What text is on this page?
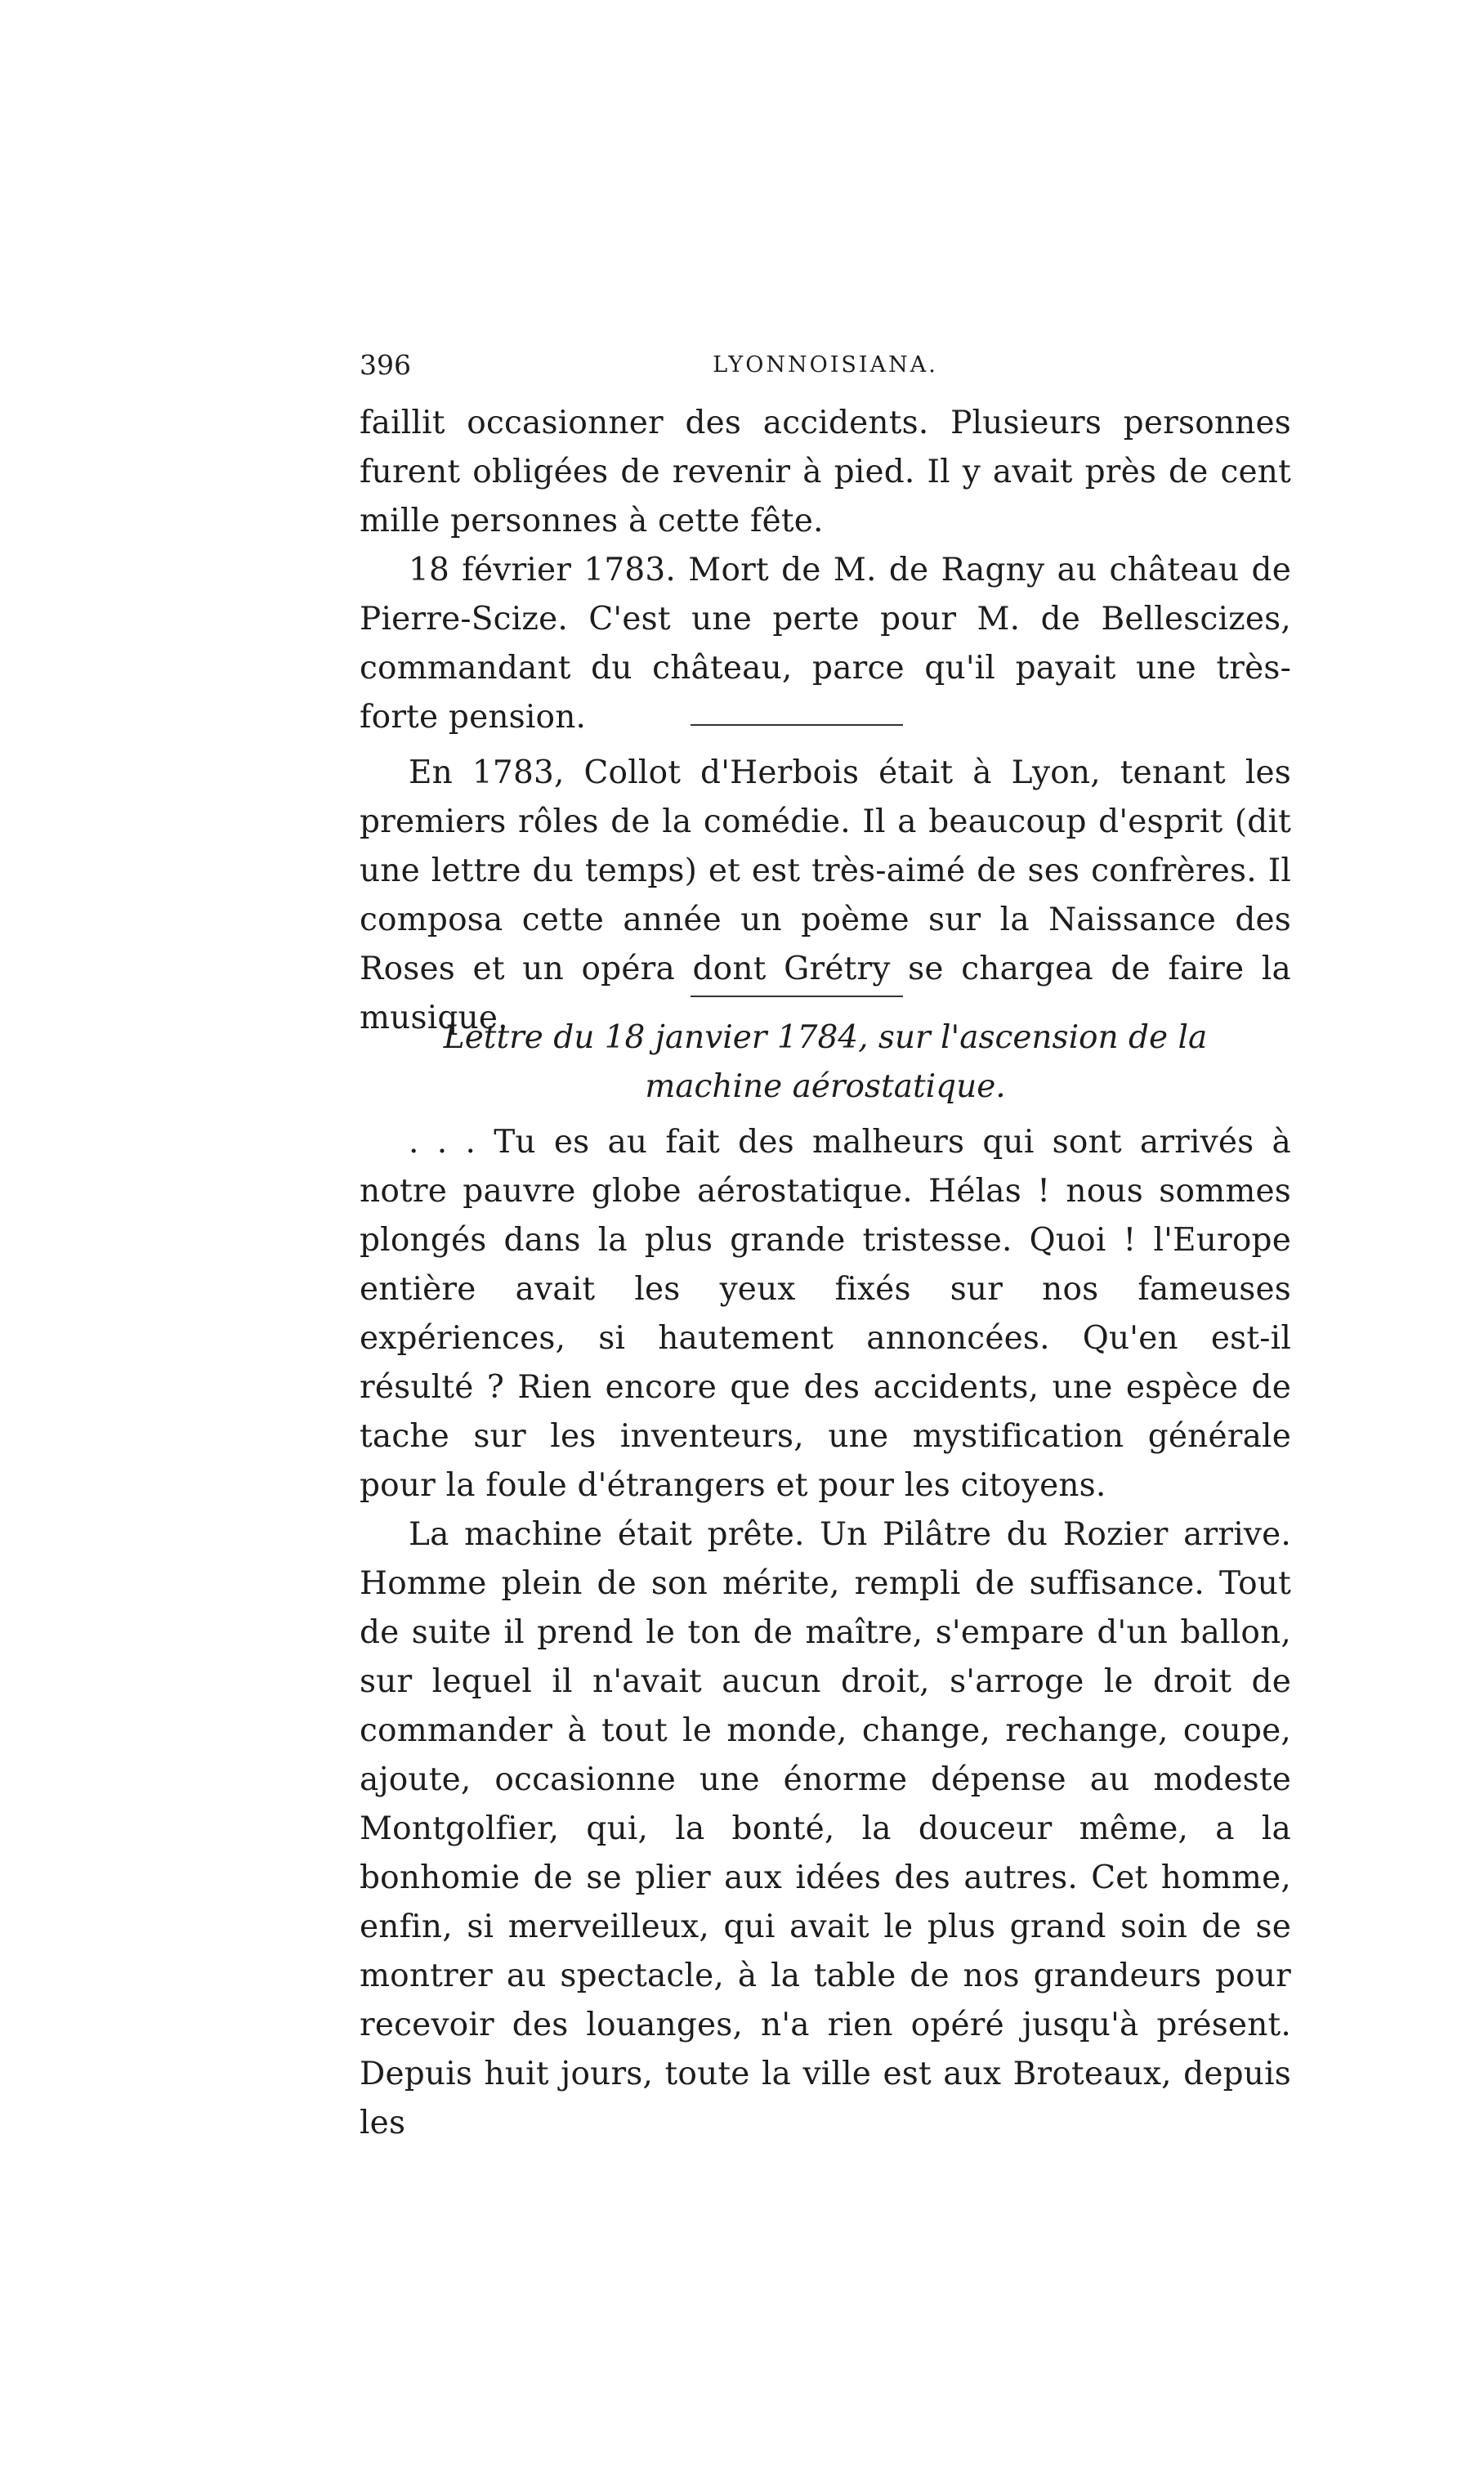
396	LYONNOISIANA.

faillit occasionner des accidents. Plusieurs personnes furent obligées de revenir à pied. Il y avait près de cent mille personnes à cette fête.

18 février 1783. Mort de M. de Ragny au château de Pierre-Scize. C'est une perte pour M. de Bellescizes, commandant du château, parce qu'il payait une très-forte pension.

En 1783, Collot d'Herbois était à Lyon, tenant les premiers rôles de la comédie. Il a beaucoup d'esprit (dit une lettre du temps) et est très-aimé de ses confrères. Il composa cette année un poème sur la Naissance des Roses et un opéra dont Grétry se chargea de faire la musique.

Lettre du 18 janvier 1784, sur l'ascension de la machine aérostatique.

. . . Tu es au fait des malheurs qui sont arrivés à notre pauvre globe aérostatique. Hélas ! nous sommes plongés dans la plus grande tristesse. Quoi ! l'Europe entière avait les yeux fixés sur nos fameuses expériences, si hautement annoncées. Qu'en est-il résulté ? Rien encore que des accidents, une espèce de tache sur les inventeurs, une mystification générale pour la foule d'étrangers et pour les citoyens.

La machine était prête. Un Pilâtre du Rozier arrive. Homme plein de son mérite, rempli de suffisance. Tout de suite il prend le ton de maître, s'empare d'un ballon, sur lequel il n'avait aucun droit, s'arroge le droit de commander à tout le monde, change, rechange, coupe, ajoute, occasionne une énorme dépense au modeste Montgolfier, qui, la bonté, la douceur même, a la bonhomie de se plier aux idées des autres. Cet homme, enfin, si merveilleux, qui avait le plus grand soin de se montrer au spectacle, à la table de nos grandeurs pour recevoir des louanges, n'a rien opéré jusqu'à présent. Depuis huit jours, toute la ville est aux Broteaux, depuis les
